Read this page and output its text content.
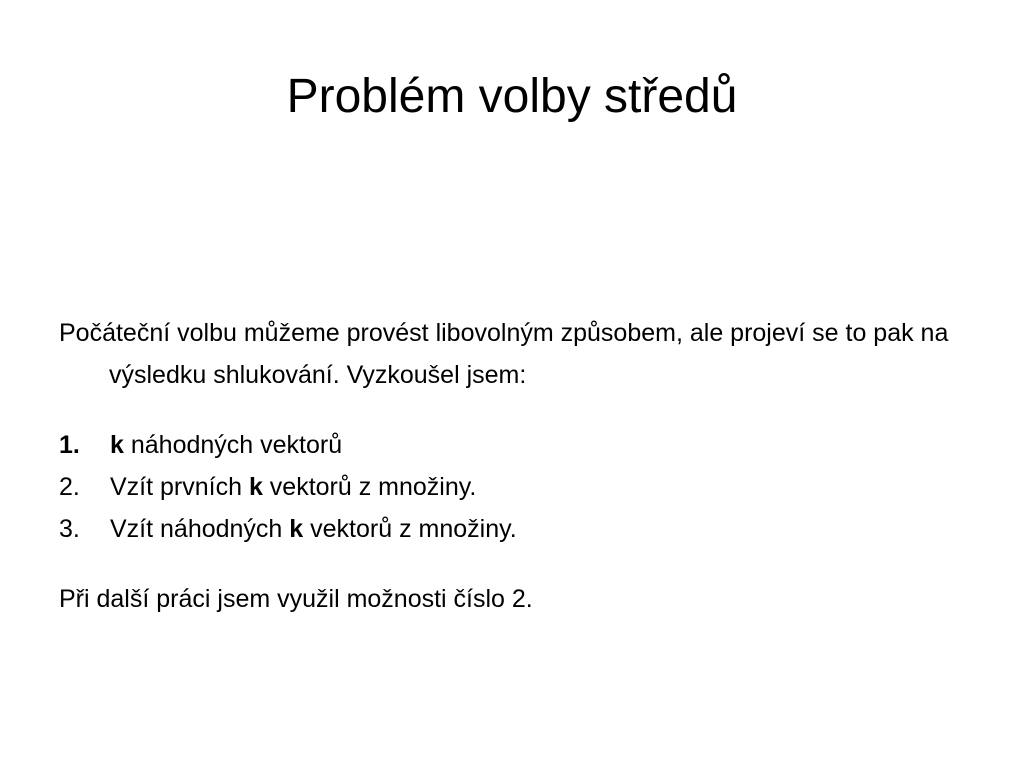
Problém volby středů

Počáteční volbu můžeme provést libovolným způsobem, ale projeví se to pak na výsledku shlukování. Vyzkoušel jsem:

1.	k náhodných vektorů
2.	Vzít prvních k vektorů z množiny.
3.	Vzít náhodných k vektorů z množiny.

Při další práci jsem využil možnosti číslo 2.
